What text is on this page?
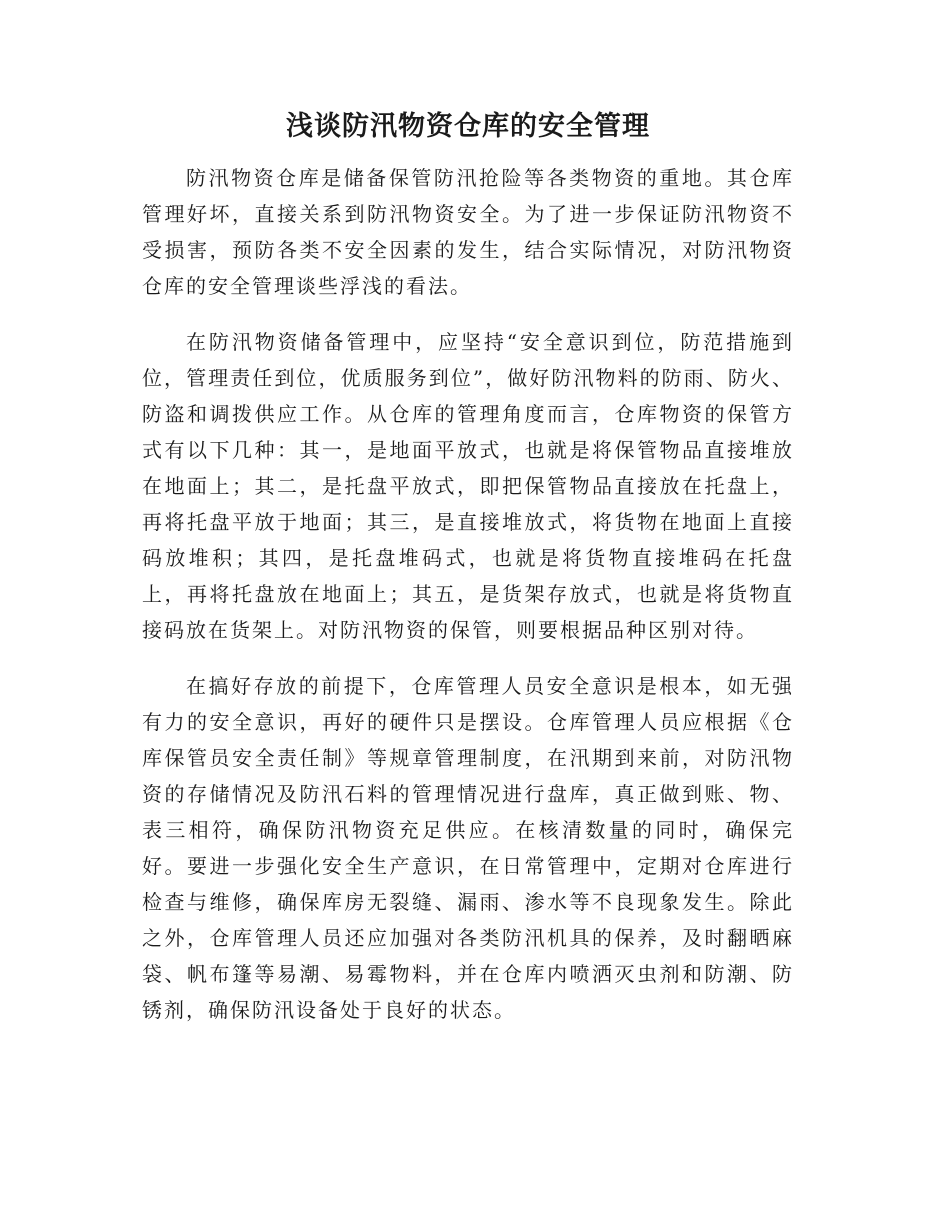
浅谈防汛物资仓库的安全管理

防汛物资仓库是储备保管防汛抢险等各类物资的重地。其仓库管理好坏，直接关系到防汛物资安全。为了进一步保证防汛物资不受损害，预防各类不安全因素的发生，结合实际情况，对防汛物资仓库的安全管理谈些浮浅的看法。

在防汛物资储备管理中，应坚持“安全意识到位，防范措施到位，管理责任到位，优质服务到位”，做好防汛物料的防雨、防火、防盗和调拨供应工作。从仓库的管理角度而言，仓库物资的保管方式有以下几种：其一，是地面平放式，也就是将保管物品直接堆放在地面上；其二，是托盘平放式，即把保管物品直接放在托盘上，再将托盘平放于地面；其三，是直接堆放式，将货物在地面上直接码放堆积；其四，是托盘堆码式，也就是将货物直接堆码在托盘上，再将托盘放在地面上；其五，是货架存放式，也就是将货物直接码放在货架上。对防汛物资的保管，则要根据品种区别对待。

在搞好存放的前提下，仓库管理人员安全意识是根本，如无强有力的安全意识，再好的硬件只是摆设。仓库管理人员应根据《仓库保管员安全责任制》等规章管理制度，在汛期到来前，对防汛物资的存储情况及防汛石料的管理情况进行盘库，真正做到账、物、表三相符，确保防汛物资充足供应。在核清数量的同时，确保完好。要进一步强化安全生产意识，在日常管理中，定期对仓库进行检查与维修，确保库房无裂缝、漏雨、渗水等不良现象发生。除此之外，仓库管理人员还应加强对各类防汛机具的保养，及时翻晒麻袋、帆布篷等易潮、易霉物料，并在仓库内喷洒灭虫剂和防潮、防锈剂，确保防汛设备处于良好的状态。
